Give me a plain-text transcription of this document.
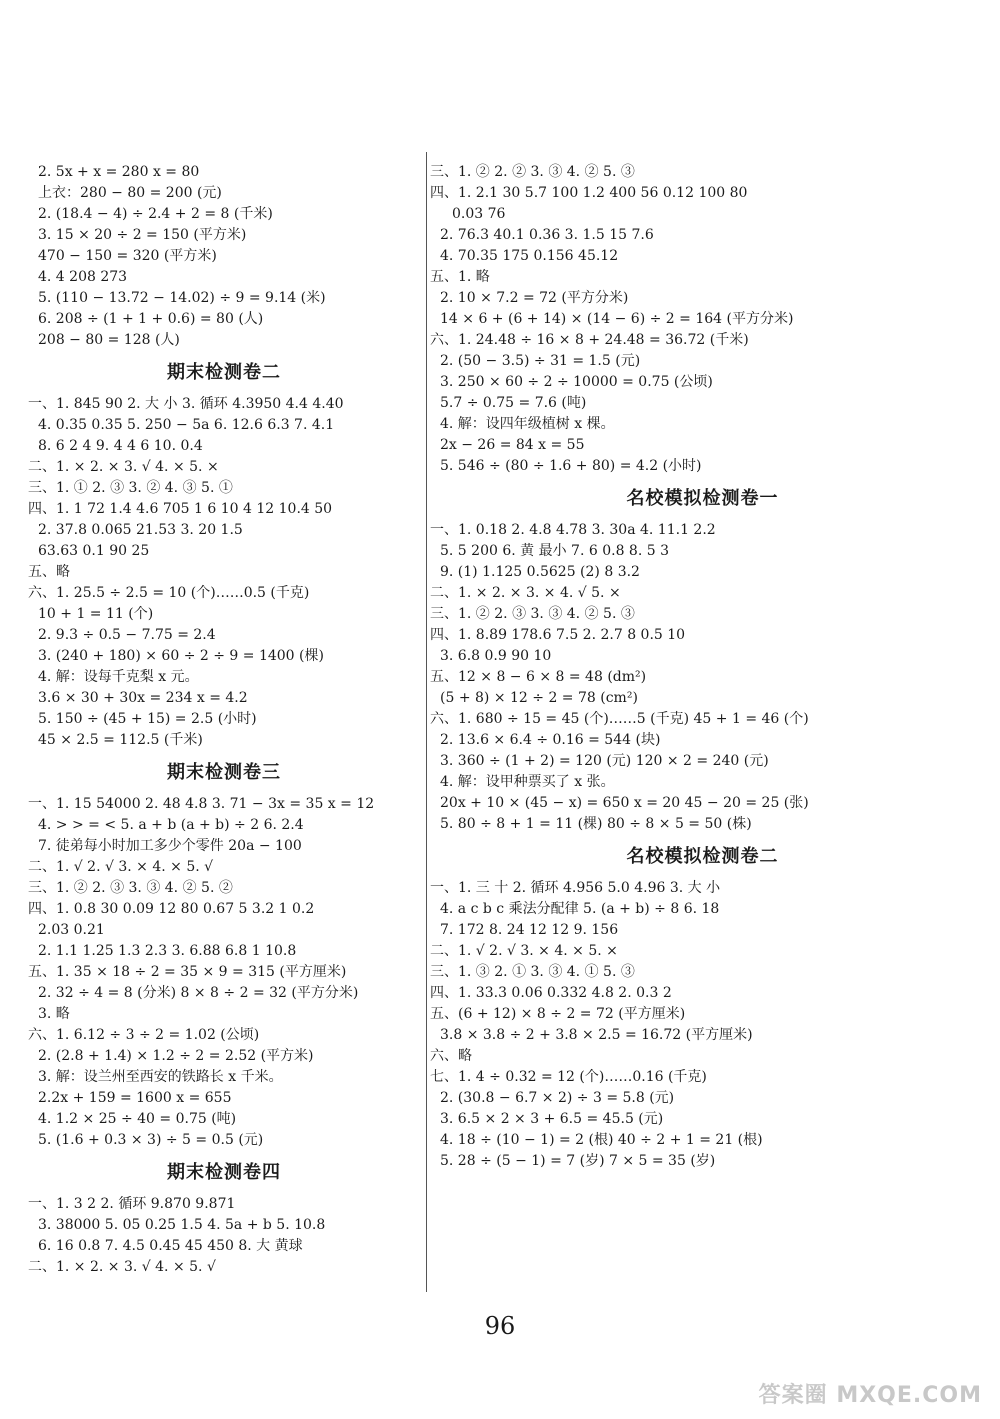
2. 5x + x = 280 x = 80
上衣：280 − 80 = 200 (元)
2. (18.4 − 4) ÷ 2.4 + 2 = 8 (千米)
3. 15 × 20 ÷ 2 = 150 (平方米)
470 − 150 = 320 (平方米)
4. 4 208 273
5. (110 − 13.72 − 14.02) ÷ 9 = 9.14 (米)
6. 208 ÷ (1 + 1 + 0.6) = 80 (人)
208 − 80 = 128 (人)
期末检测卷二
一、1. 845 90 2. 大 小 3. 循环 4.3950 4.4 4.40
4. 0.35 0.35 5. 250 − 5a 6. 12.6 6.3 7. 4.1
8. 6 2 4 9. 4 4 6 10. 0.4
二、1. × 2. × 3. √ 4. × 5. ×
三、1. ① 2. ③ 3. ② 4. ③ 5. ①
四、1. 1 72 1.4 4.6 705 1 6 10 4 12 10.4 50
2. 37.8 0.065 21.53 3. 20 1.5
63.63 0.1 90 25
五、略
六、1. 25.5 ÷ 2.5 = 10 (个)……0.5 (千克)
10 + 1 = 11 (个)
2. 9.3 ÷ 0.5 − 7.75 = 2.4
3. (240 + 180) × 60 ÷ 2 ÷ 9 = 1400 (棵)
4. 解：设每千克梨 x 元。
3.6 × 30 + 30x = 234 x = 4.2
5. 150 ÷ (45 + 15) = 2.5 (小时)
45 × 2.5 = 112.5 (千米)
期末检测卷三
一、1. 15 54000 2. 48 4.8 3. 71 − 3x = 35 x = 12
4. > > = < 5. a + b (a + b) ÷ 2 6. 2.4
7. 徒弟每小时加工多少个零件 20a − 100
二、1. √ 2. √ 3. × 4. × 5. √
三、1. ② 2. ③ 3. ③ 4. ② 5. ②
四、1. 0.8 30 0.09 12 80 0.67 5 3.2 1 0.2
2.03 0.21
2. 1.1 1.25 1.3 2.3 3. 6.88 6.8 1 10.8
五、1. 35 × 18 ÷ 2 = 35 × 9 = 315 (平方厘米)
2. 32 ÷ 4 = 8 (分米) 8 × 8 ÷ 2 = 32 (平方分米)
3. 略
六、1. 6.12 ÷ 3 ÷ 2 = 1.02 (公顷)
2. (2.8 + 1.4) × 1.2 ÷ 2 = 2.52 (平方米)
3. 解：设兰州至西安的铁路长 x 千米。
2.2x + 159 = 1600 x = 655
4. 1.2 × 25 ÷ 40 = 0.75 (吨)
5. (1.6 + 0.3 × 3) ÷ 5 = 0.5 (元)
期末检测卷四
一、1. 3 2 2. 循环 9.870 9.871
3. 38000 5. 05 0.25 1.5 4. 5a + b 5. 10.8
6. 16 0.8 7. 4.5 0.45 45 450 8. 大 黄球
二、1. × 2. × 3. √ 4. × 5. √
三、1. ② 2. ② 3. ③ 4. ② 5. ③
四、1. 2.1 30 5.7 100 1.2 400 56 0.12 100 80
0.03 76
2. 76.3 40.1 0.36 3. 1.5 15 7.6
4. 70.35 175 0.156 45.12
五、1. 略
2. 10 × 7.2 = 72 (平方分米)
14 × 6 + (6 + 14) × (14 − 6) ÷ 2 = 164 (平方分米)
六、1. 24.48 ÷ 16 × 8 + 24.48 = 36.72 (千米)
2. (50 − 3.5) ÷ 31 = 1.5 (元)
3. 250 × 60 ÷ 2 ÷ 10000 = 0.75 (公顷)
5.7 ÷ 0.75 = 7.6 (吨)
4. 解：设四年级植树 x 棵。
2x − 26 = 84 x = 55
5. 546 ÷ (80 ÷ 1.6 + 80) = 4.2 (小时)
名校模拟检测卷一
一、1. 0.18 2. 4.8 4.78 3. 30a 4. 11.1 2.2
5. 5 200 6. 黄 最小 7. 6 0.8 8. 5 3
9. (1) 1.125 0.5625 (2) 8 3.2
二、1. × 2. × 3. × 4. √ 5. ×
三、1. ② 2. ③ 3. ③ 4. ② 5. ③
四、1. 8.89 178.6 7.5 2. 2.7 8 0.5 10
3. 6.8 0.9 90 10
五、12 × 8 − 6 × 8 = 48 (dm²)
(5 + 8) × 12 ÷ 2 = 78 (cm²)
六、1. 680 ÷ 15 = 45 (个)……5 (千克) 45 + 1 = 46 (个)
2. 13.6 × 6.4 ÷ 0.16 = 544 (块)
3. 360 ÷ (1 + 2) = 120 (元) 120 × 2 = 240 (元)
4. 解：设甲种票买了 x 张。
20x + 10 × (45 − x) = 650 x = 20 45 − 20 = 25 (张)
5. 80 ÷ 8 + 1 = 11 (棵) 80 ÷ 8 × 5 = 50 (株)
名校模拟检测卷二
一、1. 三 十 2. 循环 4.956 5.0 4.96 3. 大 小
4. a c b c 乘法分配律 5. (a + b) ÷ 8 6. 18
7. 172 8. 24 12 12 9. 156
二、1. √ 2. √ 3. × 4. × 5. ×
三、1. ③ 2. ① 3. ③ 4. ① 5. ③
四、1. 33.3 0.06 0.332 4.8 2. 0.3 2
五、(6 + 12) × 8 ÷ 2 = 72 (平方厘米)
3.8 × 3.8 ÷ 2 + 3.8 × 2.5 = 16.72 (平方厘米)
六、略
七、1. 4 ÷ 0.32 = 12 (个)……0.16 (千克)
2. (30.8 − 6.7 × 2) ÷ 3 = 5.8 (元)
3. 6.5 × 2 × 3 + 6.5 = 45.5 (元)
4. 18 ÷ (10 − 1) = 2 (根) 40 ÷ 2 + 1 = 21 (根)
5. 28 ÷ (5 − 1) = 7 (岁) 7 × 5 = 35 (岁)
96
答案圈 MXQE.COM
